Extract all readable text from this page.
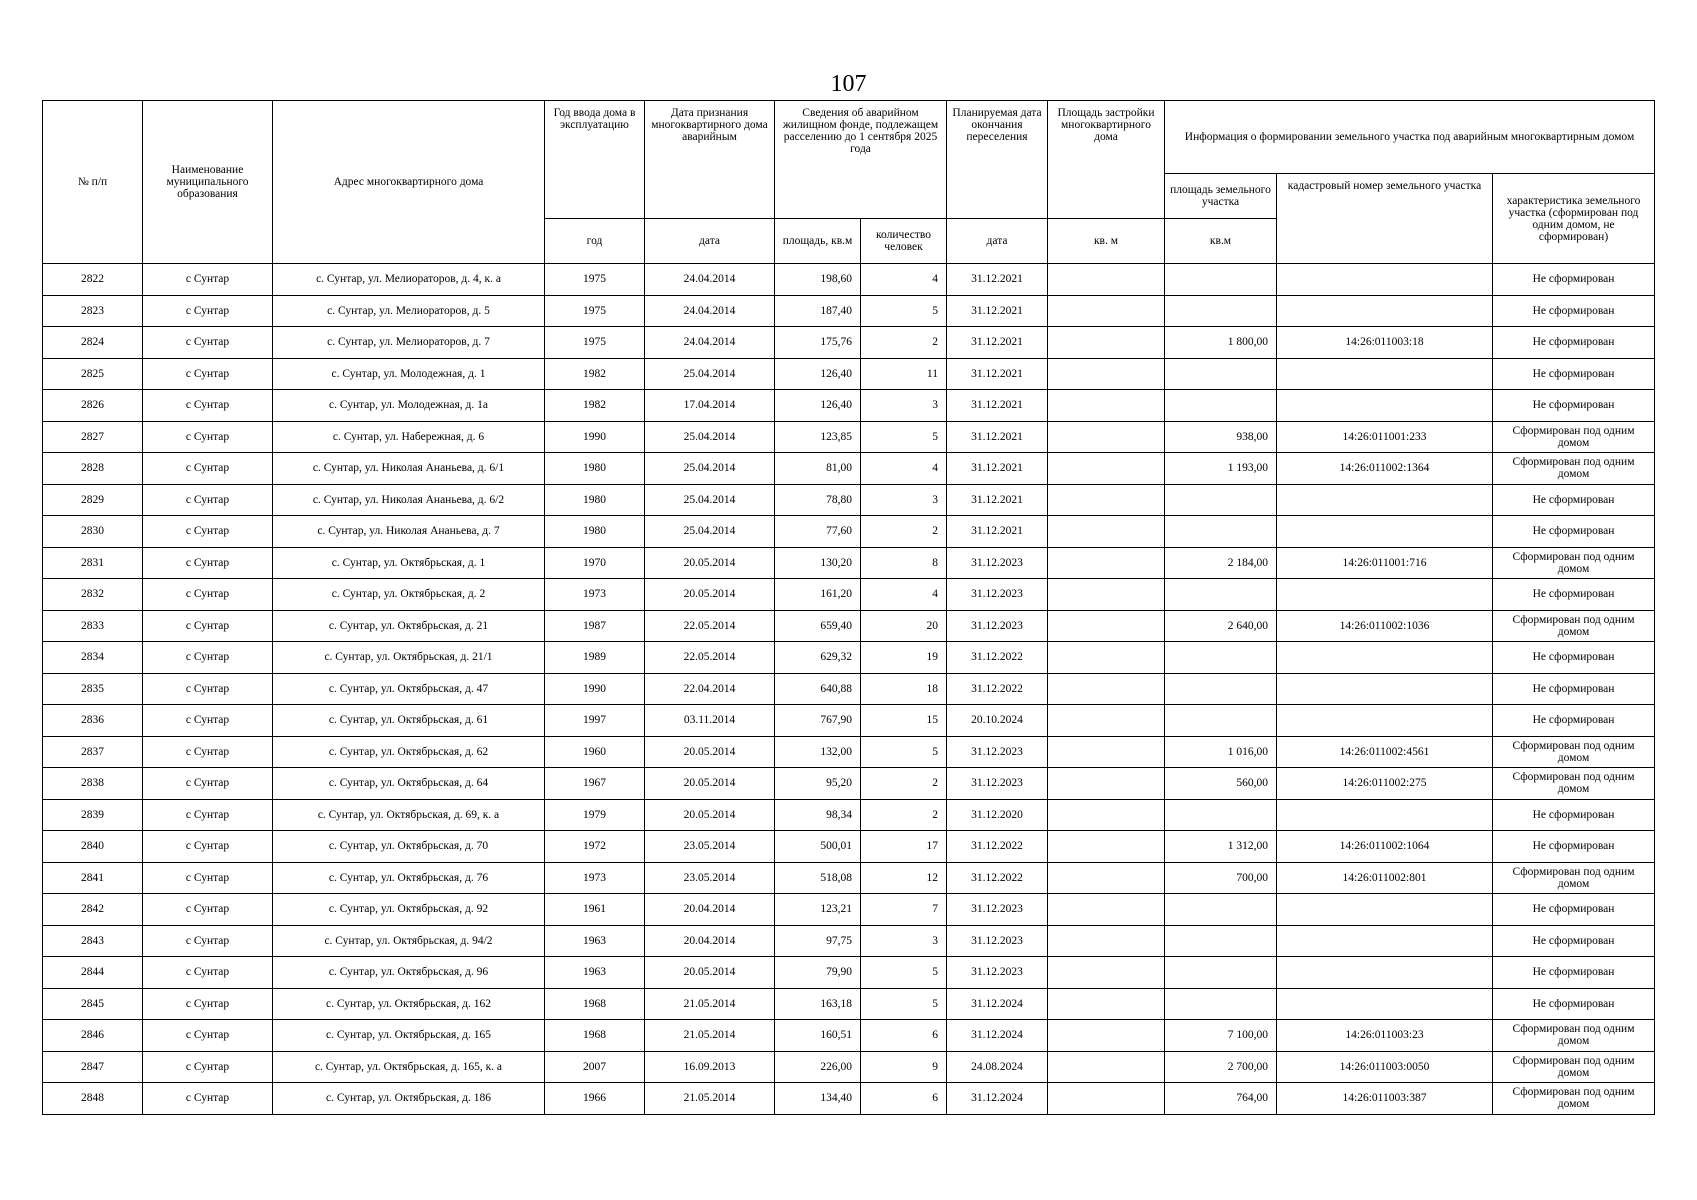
107
№ п/п	Наименование муниципального образования	Адрес многоквартирного дома	Год ввода дома в эксплуатацию	Дата признания многоквартирного дома аварийным	Сведения об аварийном жилищном фонде, подлежащем расселению до 1 сентября 2025 года		Планируемая дата окончания переселения	Площадь застройки многоквартирного дома	Информация о формировании земельного участка под аварийным многоквартирным домом		
									площадь земельного участка	кадастровый номер земельного участка	характеристика земельного участка (сформирован под одним домом, не сформирован)
			год	дата	площадь, кв.м	количество человек	дата	кв. м	кв.м		
2822	с Сунтар	с. Сунтар, ул. Мелиораторов, д. 4, к. а	1975	24.04.2014	198,60	4	31.12.2021				Не сформирован
2823	с Сунтар	с. Сунтар, ул. Мелиораторов, д. 5	1975	24.04.2014	187,40	5	31.12.2021				Не сформирован
2824	с Сунтар	с. Сунтар, ул. Мелиораторов, д. 7	1975	24.04.2014	175,76	2	31.12.2021		1 800,00	14:26:011003:18	Не сформирован
2825	с Сунтар	с. Сунтар, ул. Молодежная, д. 1	1982	25.04.2014	126,40	11	31.12.2021				Не сформирован
2826	с Сунтар	с. Сунтар, ул. Молодежная, д. 1а	1982	17.04.2014	126,40	3	31.12.2021				Не сформирован
2827	с Сунтар	с. Сунтар, ул. Набережная, д. 6	1990	25.04.2014	123,85	5	31.12.2021		938,00	14:26:011001:233	Сформирован под одним домом
2828	с Сунтар	с. Сунтар, ул. Николая Ананьева, д. 6/1	1980	25.04.2014	81,00	4	31.12.2021		1 193,00	14:26:011002:1364	Сформирован под одним домом
2829	с Сунтар	с. Сунтар, ул. Николая Ананьева, д. 6/2	1980	25.04.2014	78,80	3	31.12.2021				Не сформирован
2830	с Сунтар	с. Сунтар, ул. Николая Ананьева, д. 7	1980	25.04.2014	77,60	2	31.12.2021				Не сформирован
2831	с Сунтар	с. Сунтар, ул. Октябрьская, д. 1	1970	20.05.2014	130,20	8	31.12.2023		2 184,00	14:26:011001:716	Сформирован под одним домом
2832	с Сунтар	с. Сунтар, ул. Октябрьская, д. 2	1973	20.05.2014	161,20	4	31.12.2023				Не сформирован
2833	с Сунтар	с. Сунтар, ул. Октябрьская, д. 21	1987	22.05.2014	659,40	20	31.12.2023		2 640,00	14:26:011002:1036	Сформирован под одним домом
2834	с Сунтар	с. Сунтар, ул. Октябрьская, д. 21/1	1989	22.05.2014	629,32	19	31.12.2022				Не сформирован
2835	с Сунтар	с. Сунтар, ул. Октябрьская, д. 47	1990	22.04.2014	640,88	18	31.12.2022				Не сформирован
2836	с Сунтар	с. Сунтар, ул. Октябрьская, д. 61	1997	03.11.2014	767,90	15	20.10.2024				Не сформирован
2837	с Сунтар	с. Сунтар, ул. Октябрьская, д. 62	1960	20.05.2014	132,00	5	31.12.2023		1 016,00	14:26:011002:4561	Сформирован под одним домом
2838	с Сунтар	с. Сунтар, ул. Октябрьская, д. 64	1967	20.05.2014	95,20	2	31.12.2023		560,00	14:26:011002:275	Сформирован под одним домом
2839	с Сунтар	с. Сунтар, ул. Октябрьская, д. 69, к. а	1979	20.05.2014	98,34	2	31.12.2020				Не сформирован
2840	с Сунтар	с. Сунтар, ул. Октябрьская, д. 70	1972	23.05.2014	500,01	17	31.12.2022		1 312,00	14:26:011002:1064	Не сформирован
2841	с Сунтар	с. Сунтар, ул. Октябрьская, д. 76	1973	23.05.2014	518,08	12	31.12.2022		700,00	14:26:011002:801	Сформирован под одним домом
2842	с Сунтар	с. Сунтар, ул. Октябрьская, д. 92	1961	20.04.2014	123,21	7	31.12.2023				Не сформирован
2843	с Сунтар	с. Сунтар, ул. Октябрьская, д. 94/2	1963	20.04.2014	97,75	3	31.12.2023				Не сформирован
2844	с Сунтар	с. Сунтар, ул. Октябрьская, д. 96	1963	20.05.2014	79,90	5	31.12.2023				Не сформирован
2845	с Сунтар	с. Сунтар, ул. Октябрьская, д. 162	1968	21.05.2014	163,18	5	31.12.2024				Не сформирован
2846	с Сунтар	с. Сунтар, ул. Октябрьская, д. 165	1968	21.05.2014	160,51	6	31.12.2024		7 100,00	14:26:011003:23	Сформирован под одним домом
2847	с Сунтар	с. Сунтар, ул. Октябрьская, д. 165, к. а	2007	16.09.2013	226,00	9	24.08.2024		2 700,00	14:26:011003:0050	Сформирован под одним домом
2848	с Сунтар	с. Сунтар, ул. Октябрьская, д. 186	1966	21.05.2014	134,40	6	31.12.2024		764,00	14:26:011003:387	Сформирован под одним домом
